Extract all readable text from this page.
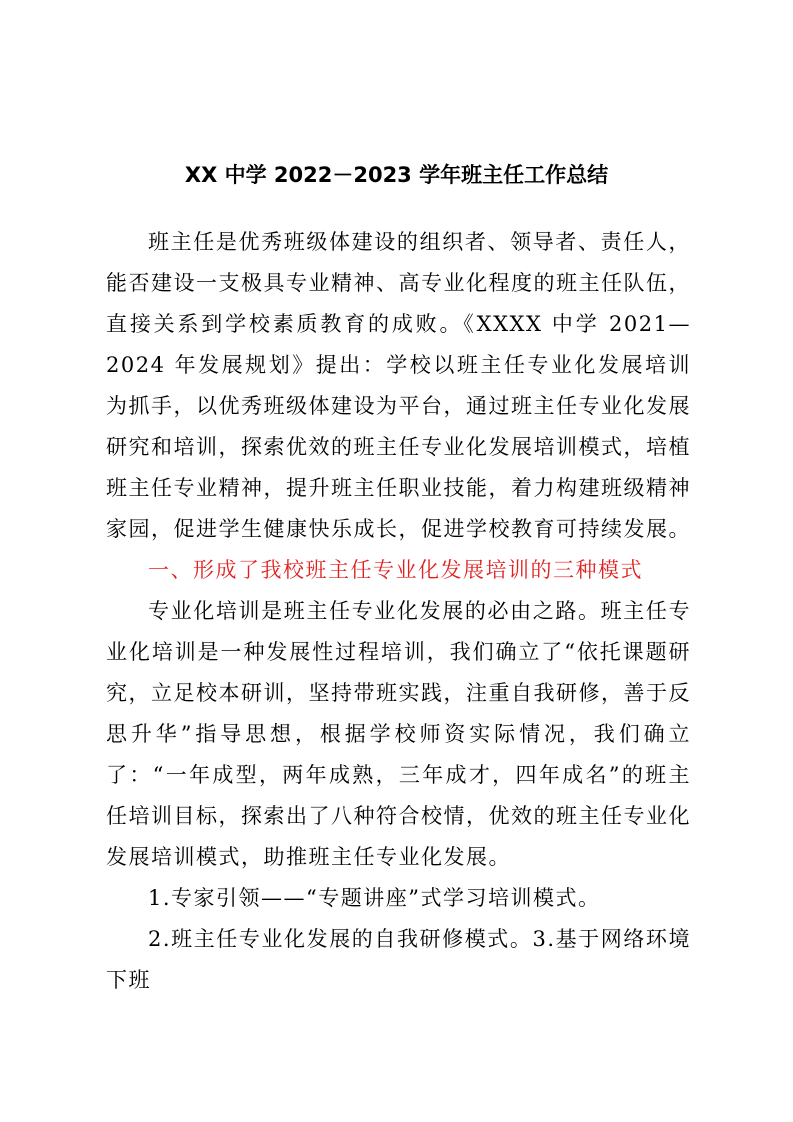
XX 中学 2022－2023 学年班主任工作总结

班主任是优秀班级体建设的组织者、领导者、责任人，能否建设一支极具专业精神、高专业化程度的班主任队伍，直接关系到学校素质教育的成败。《XXXX 中学 2021—2024 年发展规划》提出：学校以班主任专业化发展培训为抓手，以优秀班级体建设为平台，通过班主任专业化发展研究和培训，探索优效的班主任专业化发展培训模式，培植班主任专业精神，提升班主任职业技能，着力构建班级精神家园，促进学生健康快乐成长，促进学校教育可持续发展。

一、形成了我校班主任专业化发展培训的三种模式

专业化培训是班主任专业化发展的必由之路。班主任专业化培训是一种发展性过程培训，我们确立了“依托课题研究，立足校本研训，坚持带班实践，注重自我研修，善于反思升华”指导思想，根据学校师资实际情况，我们确立了：“一年成型，两年成熟，三年成才，四年成名”的班主任培训目标，探索出了八种符合校情，优效的班主任专业化发展培训模式，助推班主任专业化发展。

1.专家引领——“专题讲座”式学习培训模式。

2.班主任专业化发展的自我研修模式。3.基于网络环境下班
